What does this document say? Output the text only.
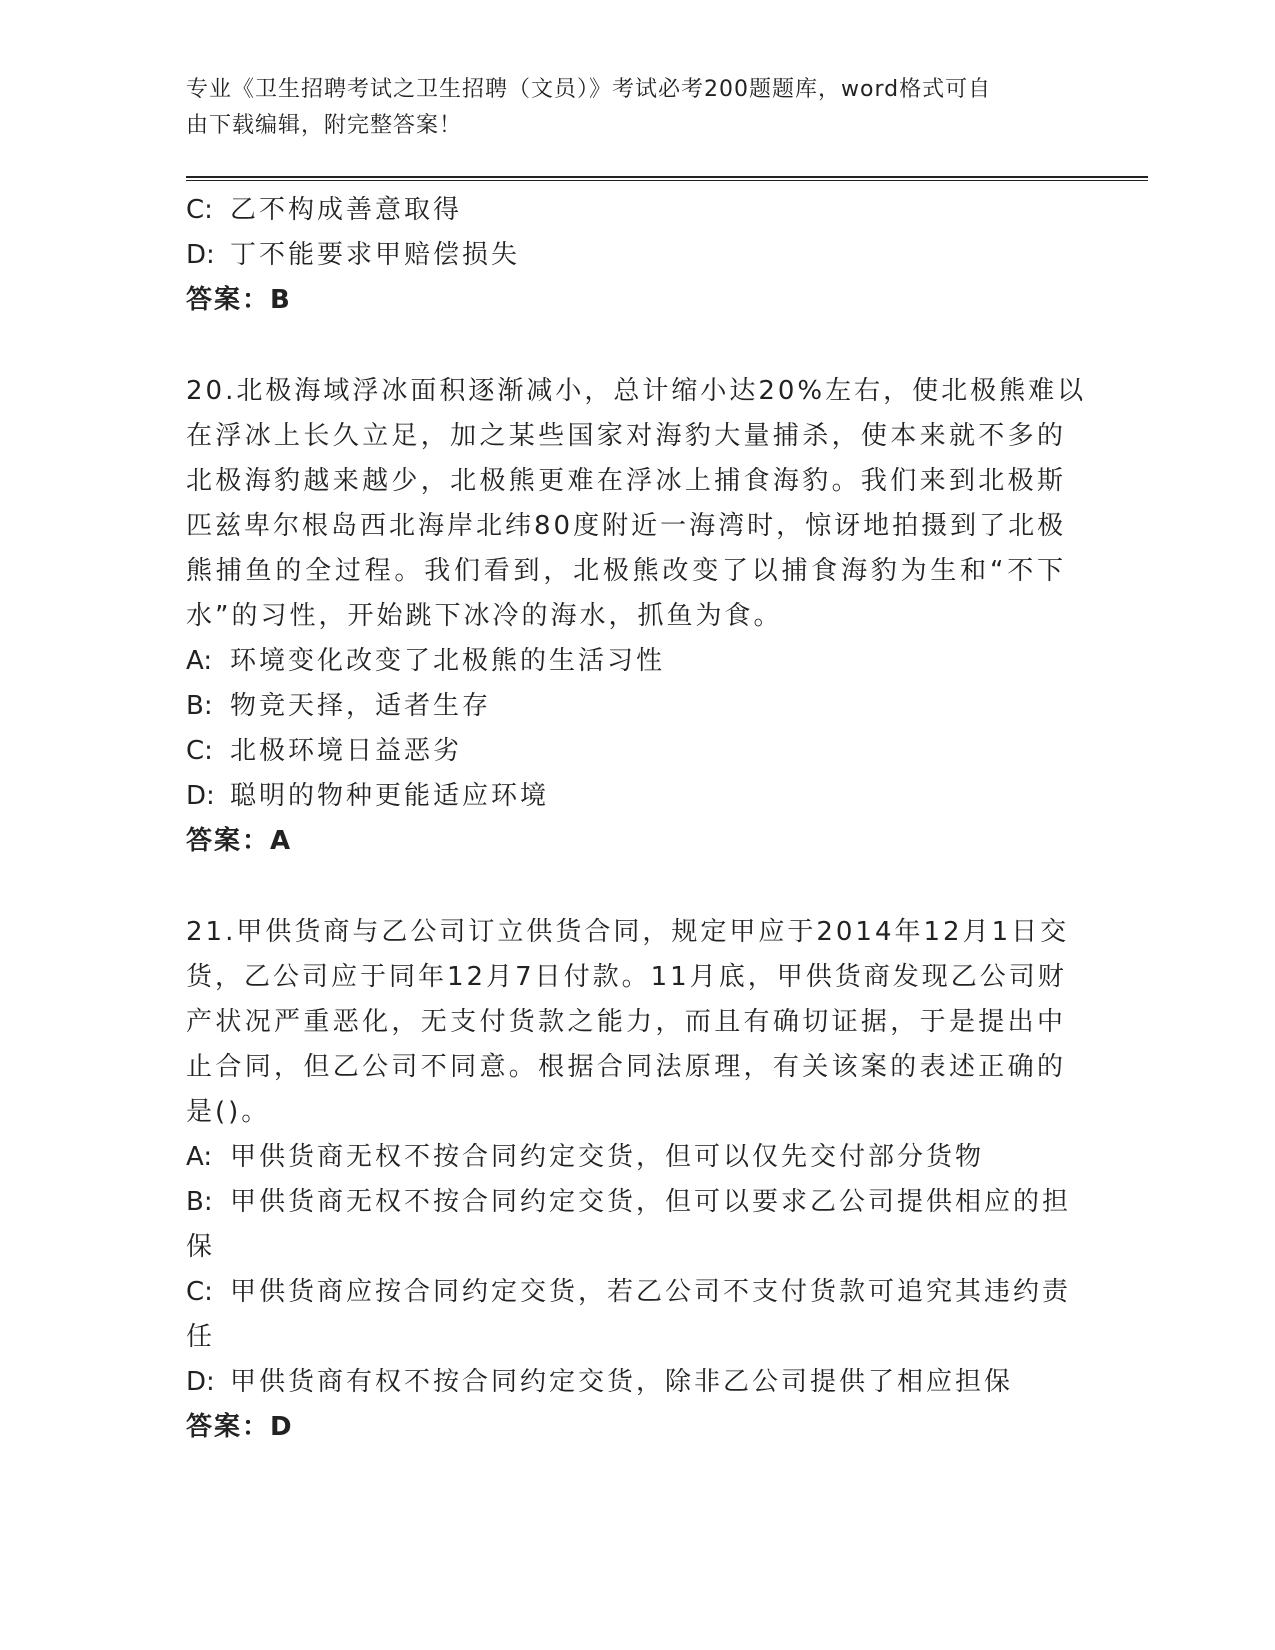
专业《卫生招聘考试之卫生招聘（文员）》考试必考200题题库，word格式可自
由下载编辑，附完整答案！

C: 乙不构成善意取得

D: 丁不能要求甲赔偿损失

答案：B

20.北极海域浮冰面积逐渐减小，总计缩小达20%左右，使北极熊难以

在浮冰上长久立足，加之某些国家对海豹大量捕杀，使本来就不多的

北极海豹越来越少，北极熊更难在浮冰上捕食海豹。我们来到北极斯

匹兹卑尔根岛西北海岸北纬80度附近一海湾时，惊讶地拍摄到了北极

熊捕鱼的全过程。我们看到，北极熊改变了以捕食海豹为生和“不下

水”的习性，开始跳下冰冷的海水，抓鱼为食。

A: 环境变化改变了北极熊的生活习性

B: 物竞天择，适者生存

C: 北极环境日益恶劣

D: 聪明的物种更能适应环境

答案：A

21.甲供货商与乙公司订立供货合同，规定甲应于2014年12月1日交

货，乙公司应于同年12月7日付款。11月底，甲供货商发现乙公司财

产状况严重恶化，无支付货款之能力，而且有确切证据，于是提出中

止合同，但乙公司不同意。根据合同法原理，有关该案的表述正确的

是()。

A: 甲供货商无权不按合同约定交货，但可以仅先交付部分货物

B: 甲供货商无权不按合同约定交货，但可以要求乙公司提供相应的担

保

C: 甲供货商应按合同约定交货，若乙公司不支付货款可追究其违约责

任

D: 甲供货商有权不按合同约定交货，除非乙公司提供了相应担保

答案：D
